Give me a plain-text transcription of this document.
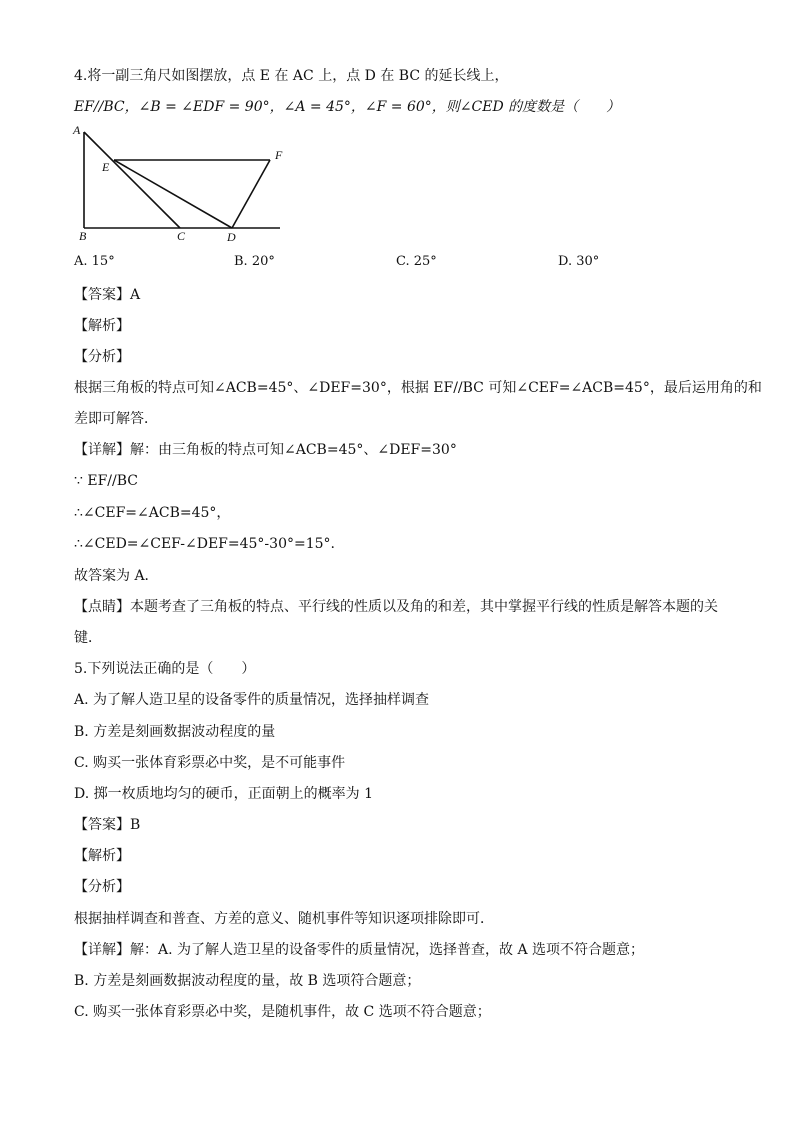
4.将一副三角尺如图摆放，点 E 在 AC 上，点 D 在 BC 的延长线上，
EF//BC，∠B = ∠EDF = 90°，∠A = 45°，∠F = 60°，则∠CED 的度数是（　　）
A
B	C	D
E
F
A. 15°	B. 20°	C. 25°	D. 30°
【答案】A
【解析】
【分析】
根据三角板的特点可知∠ACB=45°、∠DEF=30°，根据 EF//BC 可知∠CEF=∠ACB=45°，最后运用角的和
差即可解答．
【详解】解：由三角板的特点可知∠ACB=45°、∠DEF=30°
∵ EF//BC
∴∠CEF=∠ACB=45°，
∴∠CED=∠CEF-∠DEF=45°-30°=15°.
故答案为 A．
【点睛】本题考查了三角板的特点、平行线的性质以及角的和差，其中掌握平行线的性质是解答本题的关
键．
5.下列说法正确的是（　　）
A. 为了解人造卫星的设备零件的质量情况，选择抽样调查
B. 方差是刻画数据波动程度的量
C. 购买一张体育彩票必中奖，是不可能事件
D. 掷一枚质地均匀的硬币，正面朝上的概率为 1
【答案】B
【解析】
【分析】
根据抽样调查和普查、方差的意义、随机事件等知识逐项排除即可．
【详解】解：A. 为了解人造卫星的设备零件的质量情况，选择普查，故 A 选项不符合题意；
B. 方差是刻画数据波动程度的量，故 B 选项符合题意；
C. 购买一张体育彩票必中奖，是随机事件，故 C 选项不符合题意；
